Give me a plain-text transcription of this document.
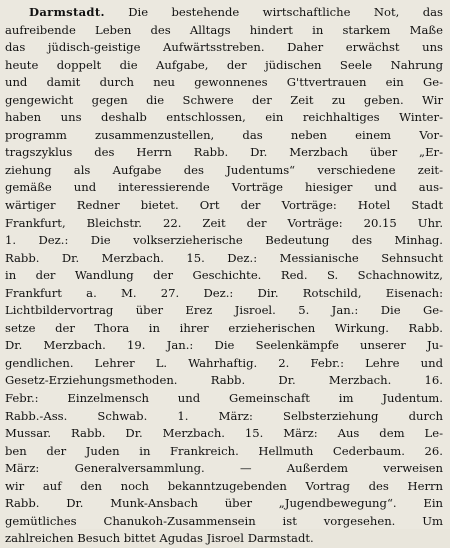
Darmstadt. Die bestehende wirtschaftliche Not, das
aufreibende Leben des Alltags hindert in starkem Maße
das jüdisch-geistige Aufwärtsstreben. Daher erwächst uns
heute doppelt die Aufgabe, der jüdischen Seele Nahrung
und damit durch neu gewonnenes G'ttvertrauen ein Ge-
gengewicht gegen die Schwere der Zeit zu geben. Wir
haben uns deshalb entschlossen, ein reichhaltiges Winter-
programm zusammenzustellen, das neben einem Vor-
tragszyklus des Herrn Rabb. Dr. Merzbach über „Er-
ziehung als Aufgabe des Judentums“ verschiedene zeit-
gemäße und interessierende Vorträge hiesiger und aus-
wärtiger Redner bietet. Ort der Vorträge: Hotel Stadt
Frankfurt, Bleichstr. 22. Zeit der Vorträge: 20.15 Uhr.
1. Dez.: Die volkserzieherische Bedeutung des Minhag.
Rabb. Dr. Merzbach. 15. Dez.: Messianische Sehnsucht
in der Wandlung der Geschichte. Red. S. Schachnowitz,
Frankfurt a. M. 27. Dez.: Dir. Rotschild, Eisenach:
Lichtbildervortrag über Erez Jisroel. 5. Jan.: Die Ge-
setze der Thora in ihrer erzieherischen Wirkung. Rabb.
Dr. Merzbach. 19. Jan.: Die Seelenkämpfe unserer Ju-
gendlichen. Lehrer L. Wahrhaftig. 2. Febr.: Lehre und
Gesetz-Erziehungsmethoden. Rabb. Dr. Merzbach. 16.
Febr.: Einzelmensch und Gemeinschaft im Judentum.
Rabb.-Ass. Schwab. 1. März: Selbsterziehung durch
Mussar. Rabb. Dr. Merzbach. 15. März: Aus dem Le-
ben der Juden in Frankreich. Hellmuth Cederbaum. 26.
März: Generalversammlung. — Außerdem verweisen
wir auf den noch bekanntzugebenden Vortrag des Herrn
Rabb. Dr. Munk-Ansbach über „Jugendbewegung“. Ein
gemütliches Chanukoh-Zusammensein ist vorgesehen. Um
zahlreichen Besuch bittet Agudas Jisroel Darmstadt.
